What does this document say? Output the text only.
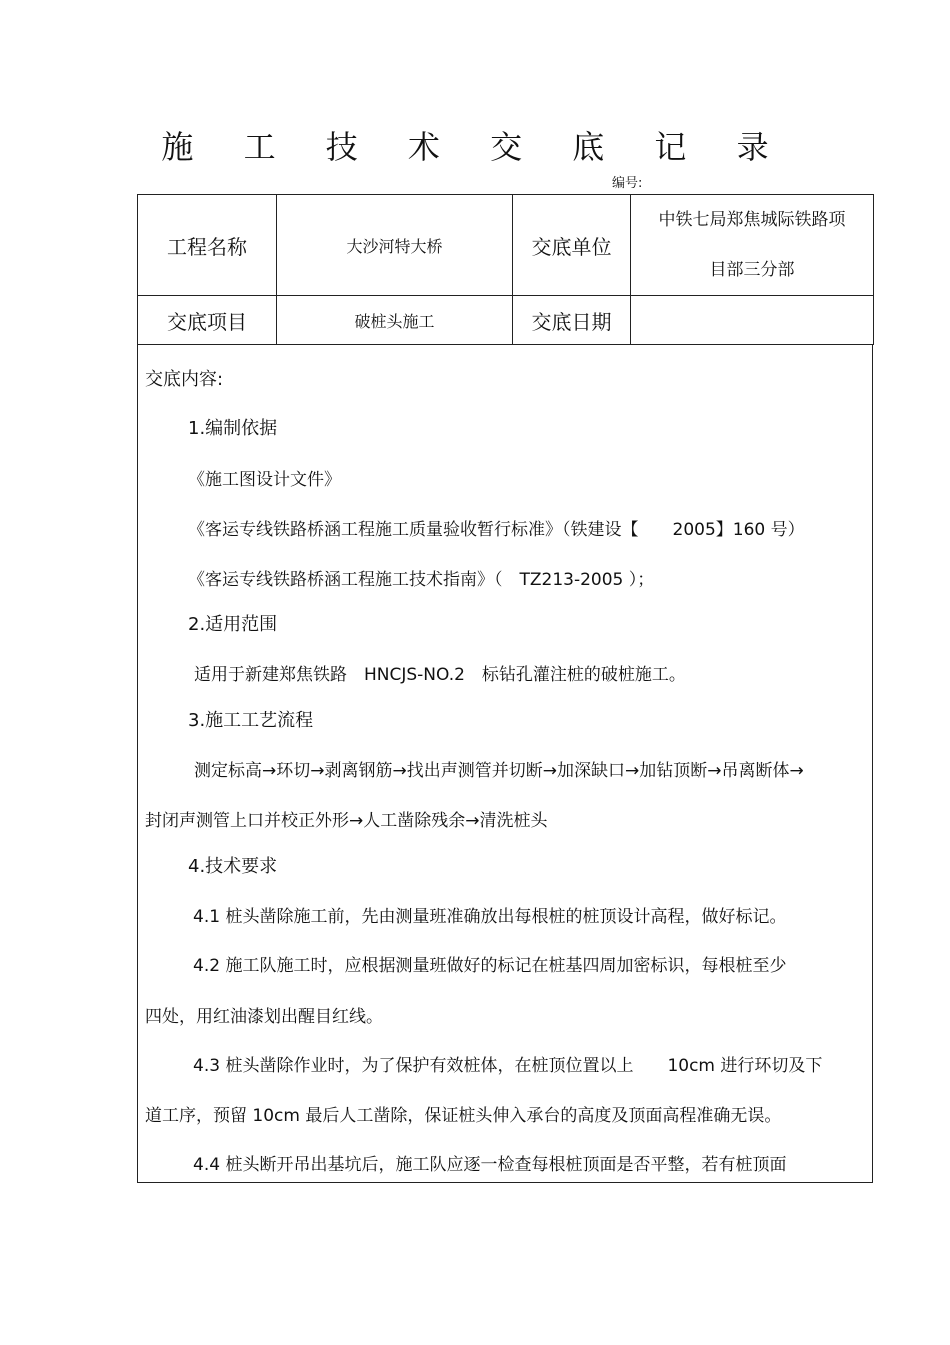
施 工 技 术 交 底 记 录
编号:
工程名称	大沙河特大桥	交底单位	中铁七局郑焦城际铁路项
目部三分部

交底项目	破桩头施工	交底日期	
交底内容:
1.编制依据
《施工图设计文件》
《客运专线铁路桥涵工程施工质量验收暂行标准》（铁建设【　　2005】160 号）
《客运专线铁路桥涵工程施工技术指南》（　TZ213-2005 ）；
2.适用范围
适用于新建郑焦铁路　HNCJS-NO.2　标钻孔灌注桩的破桩施工。
3.施工工艺流程
测定标高→环切→剥离钢筋→找出声测管并切断→加深缺口→加钻顶断→吊离断体→
封闭声测管上口并校正外形→人工凿除残余→清洗桩头
4.技术要求
4.1 桩头凿除施工前，先由测量班准确放出每根桩的桩顶设计高程，做好标记。
4.2 施工队施工时，应根据测量班做好的标记在桩基四周加密标识，每根桩至少
四处，用红油漆划出醒目红线。
4.3 桩头凿除作业时，为了保护有效桩体，在桩顶位置以上　　10cm 进行环切及下
道工序，预留 10cm 最后人工凿除，保证桩头伸入承台的高度及顶面高程准确无误。
4.4 桩头断开吊出基坑后，施工队应逐一检查每根桩顶面是否平整，若有桩顶面
